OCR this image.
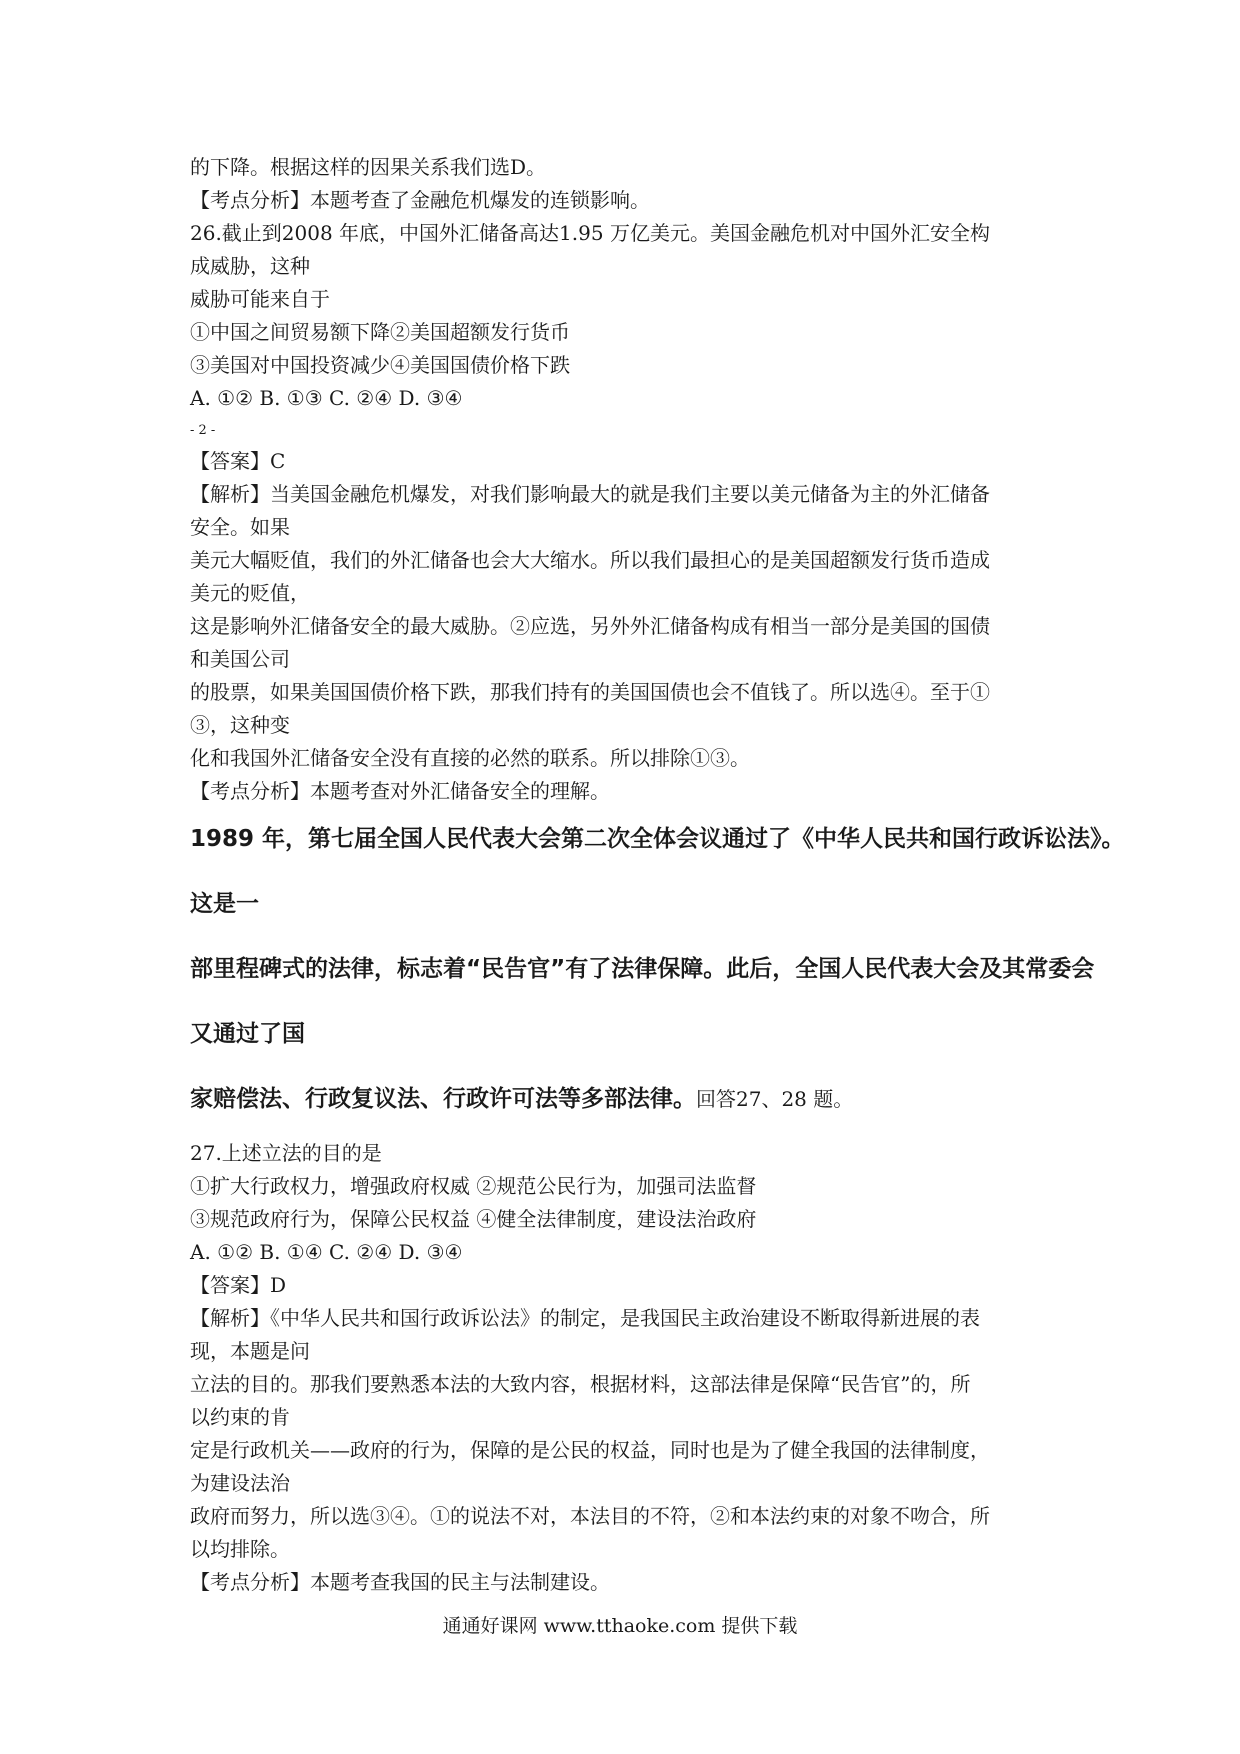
的下降。根据这样的因果关系我们选D。
【考点分析】本题考查了金融危机爆发的连锁影响。
26.截止到2008 年底，中国外汇储备高达1.95 万亿美元。美国金融危机对中国外汇安全构
成威胁，这种
威胁可能来自于
①中国之间贸易额下降②美国超额发行货币
③美国对中国投资减少④美国国债价格下跌
A. ①② B. ①③ C. ②④ D. ③④
- 2 -
【答案】C
【解析】当美国金融危机爆发，对我们影响最大的就是我们主要以美元储备为主的外汇储备
安全。如果
美元大幅贬值，我们的外汇储备也会大大缩水。所以我们最担心的是美国超额发行货币造成
美元的贬值，
这是影响外汇储备安全的最大威胁。②应选，另外外汇储备构成有相当一部分是美国的国债
和美国公司
的股票，如果美国国债价格下跌，那我们持有的美国国债也会不值钱了。所以选④。至于①
③，这种变
化和我国外汇储备安全没有直接的必然的联系。所以排除①③。
【考点分析】本题考查对外汇储备安全的理解。
1989 年，第七届全国人民代表大会第二次全体会议通过了《中华人民共和国行政诉讼法》。
这是一
部里程碑式的法律，标志着“民告官”有了法律保障。此后，全国人民代表大会及其常委会
又通过了国
家赔偿法、行政复议法、行政许可法等多部法律。回答27、28 题。
27.上述立法的目的是
①扩大行政权力，增强政府权威 ②规范公民行为，加强司法监督
③规范政府行为，保障公民权益 ④健全法律制度，建设法治政府
A. ①② B. ①④ C. ②④ D. ③④
【答案】D
【解析】《中华人民共和国行政诉讼法》的制定，是我国民主政治建设不断取得新进展的表
现，本题是问
立法的目的。那我们要熟悉本法的大致内容，根据材料，这部法律是保障“民告官”的，所
以约束的肯
定是行政机关——政府的行为，保障的是公民的权益，同时也是为了健全我国的法律制度，
为建设法治
政府而努力，所以选③④。①的说法不对，本法目的不符，②和本法约束的对象不吻合，所
以均排除。
【考点分析】本题考查我国的民主与法制建设。
通通好课网 www.tthaoke.com 提供下载
